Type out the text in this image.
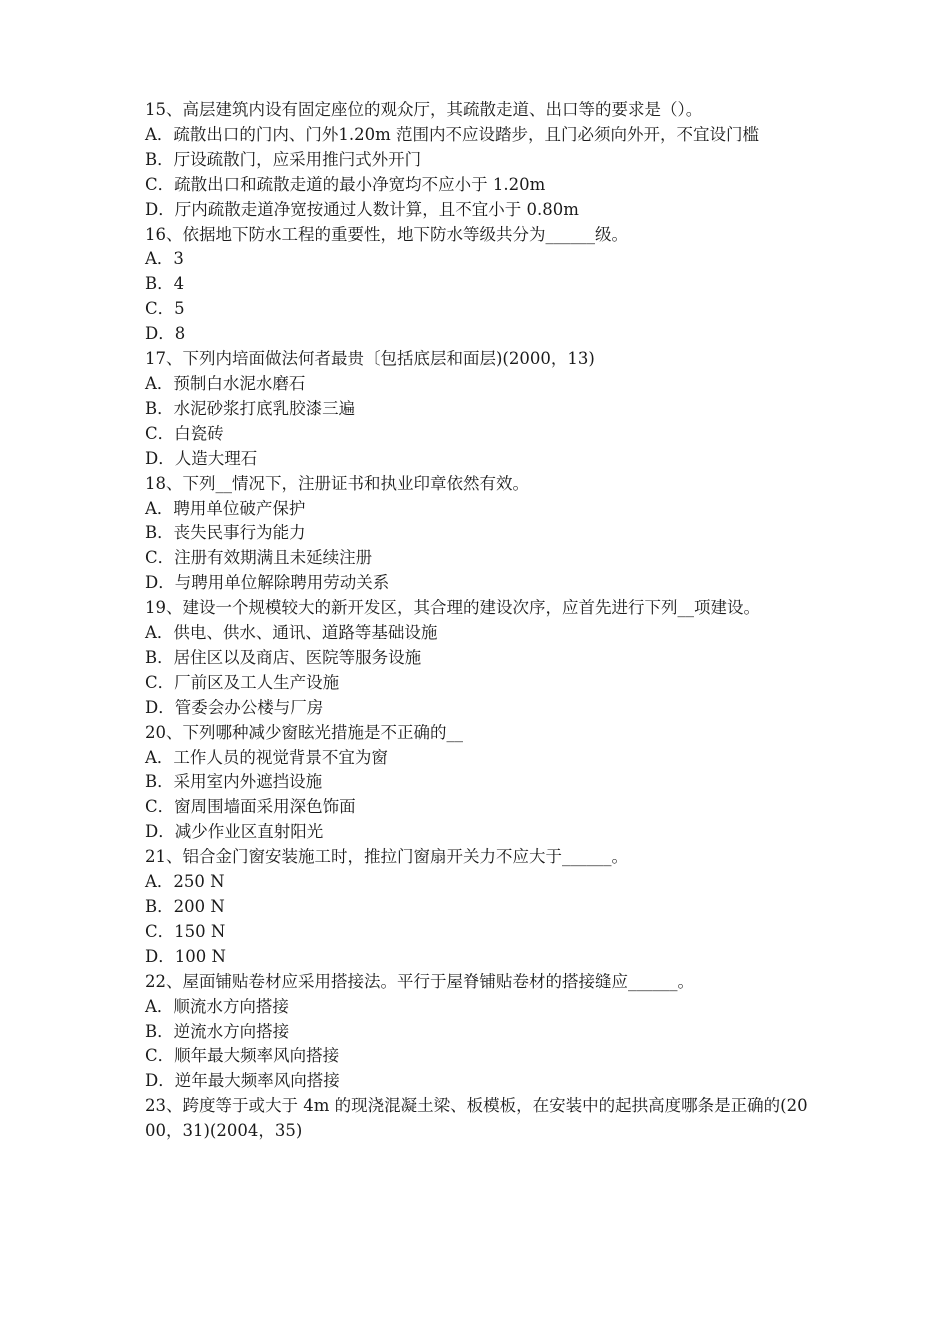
15、高层建筑内设有固定座位的观众厅，其疏散走道、出口等的要求是（）。

A．疏散出口的门内、门外1.20m 范围内不应设踏步，且门必须向外开，不宜设门槛

B．厅设疏散门，应采用推闩式外开门

C．疏散出口和疏散走道的最小净宽均不应小于 1.20m

D．厅内疏散走道净宽按通过人数计算，且不宜小于 0.80m

16、依据地下防水工程的重要性，地下防水等级共分为______级。

A．3

B．4

C．5

D．8

17、下列内培面做法何者最贵〔包括底层和面层)(2000，13)

A．预制白水泥水磨石

B．水泥砂浆打底乳胶漆三遍

C．白瓷砖

D．人造大理石

18、下列__情况下，注册证书和执业印章依然有效。

A．聘用单位破产保护

B．丧失民事行为能力

C．注册有效期满且未延续注册

D．与聘用单位解除聘用劳动关系

19、建设一个规模较大的新开发区，其合理的建设次序，应首先进行下列__项建设。

A．供电、供水、通讯、道路等基础设施

B．居住区以及商店、医院等服务设施

C．厂前区及工人生产设施

D．管委会办公楼与厂房

20、下列哪种减少窗眩光措施是不正确的__

A．工作人员的视觉背景不宜为窗

B．采用室内外遮挡设施

C．窗周围墙面采用深色饰面

D．减少作业区直射阳光

21、铝合金门窗安装施工时，推拉门窗扇开关力不应大于______。

A．250 N

B．200 N

C．150 N

D．100 N

22、屋面铺贴卷材应采用搭接法。平行于屋脊铺贴卷材的搭接缝应______。

A．顺流水方向搭接

B．逆流水方向搭接

C．顺年最大频率风向搭接

D．逆年最大频率风向搭接

23、跨度等于或大于 4m 的现浇混凝土梁、板模板，在安装中的起拱高度哪条是正确的(2000，31)(2004，35)
